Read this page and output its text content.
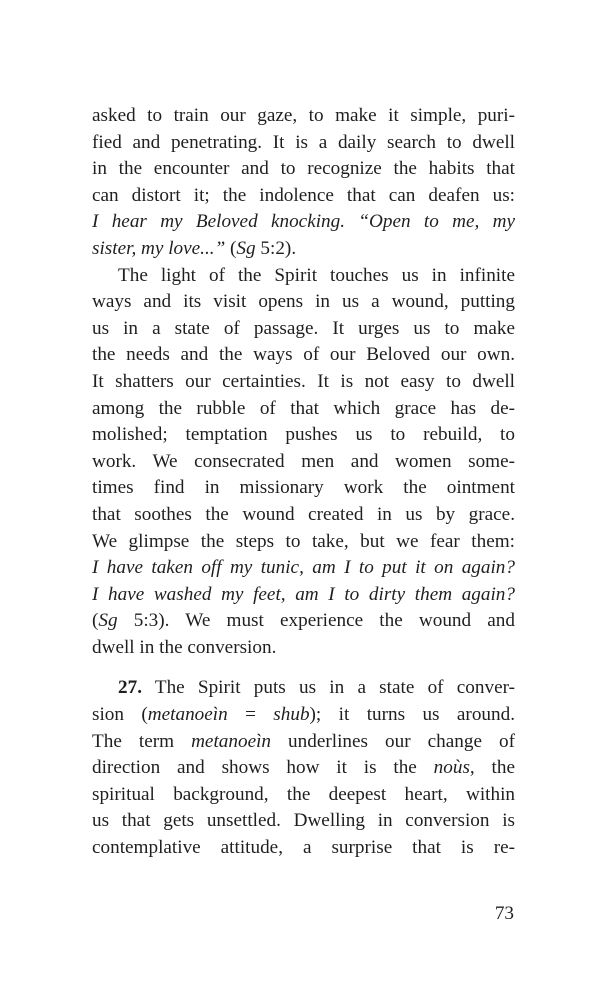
asked to train our gaze, to make it simple, puri-
fied and penetrating. It is a daily search to dwell
in the encounter and to recognize the habits that
can distort it; the indolence that can deafen us:
I hear my Beloved knocking. “Open to me, my
sister, my love...” (Sg 5:2).
The light of the Spirit touches us in infinite
ways and its visit opens in us a wound, putting
us in a state of passage. It urges us to make
the needs and the ways of our Beloved our own.
It shatters our certainties. It is not easy to dwell
among the rubble of that which grace has de-
molished; temptation pushes us to rebuild, to
work. We consecrated men and women some-
times find in missionary work the ointment
that soothes the wound created in us by grace.
We glimpse the steps to take, but we fear them:
I have taken off my tunic, am I to put it on again?
I have washed my feet, am I to dirty them again?
(Sg 5:3). We must experience the wound and
dwell in the conversion.
27. The Spirit puts us in a state of conver-
sion (metanoeìn = shub); it turns us around.
The term metanoeìn underlines our change of
direction and shows how it is the noùs, the
spiritual background, the deepest heart, within
us that gets unsettled. Dwelling in conversion is
contemplative attitude, a surprise that is re-
73
